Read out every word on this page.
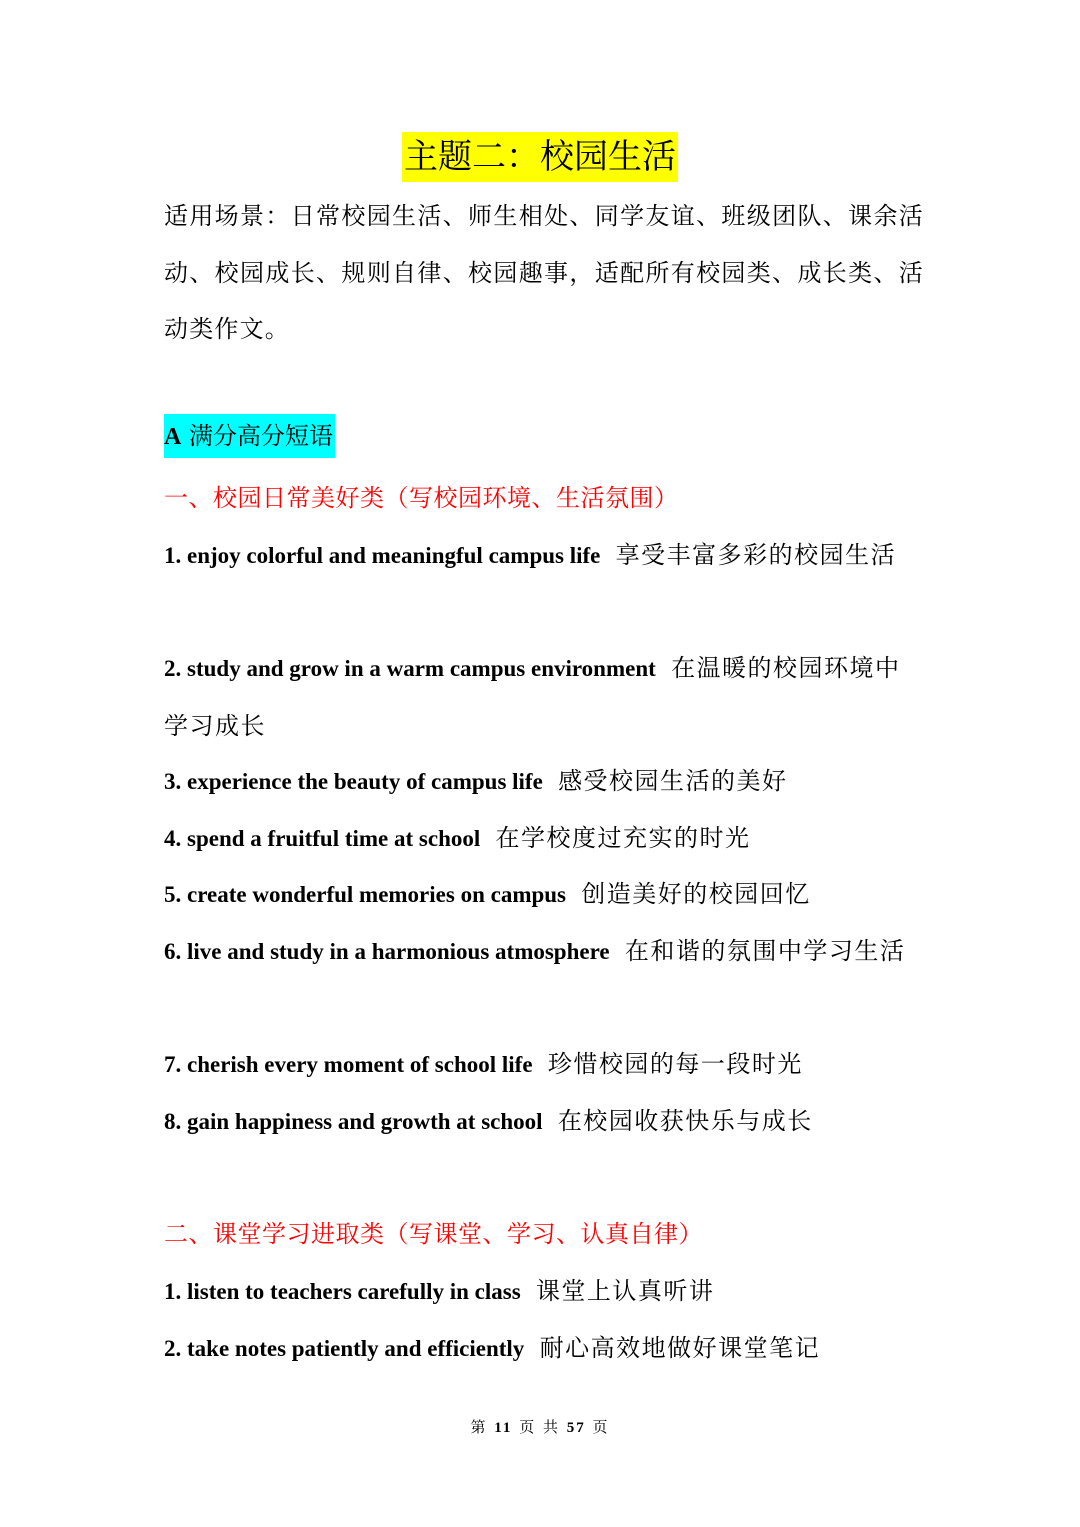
主题二：校园生活
适用场景：日常校园生活、师生相处、同学友谊、班级团队、课余活动、校园成长、规则自律、校园趣事，适配所有校园类、成长类、活动类作文。
A 满分高分短语
一、校园日常美好类（写校园环境、生活氛围）
1. enjoy colorful and meaningful campus life 享受丰富多彩的校园生活
2. study and grow in a warm campus environment 在温暖的校园环境中学习成长
3. experience the beauty of campus life 感受校园生活的美好
4. spend a fruitful time at school 在学校度过充实的时光
5. create wonderful memories on campus 创造美好的校园回忆
6. live and study in a harmonious atmosphere 在和谐的氛围中学习生活
7. cherish every moment of school life 珍惜校园的每一段时光
8. gain happiness and growth at school 在校园收获快乐与成长
二、课堂学习进取类（写课堂、学习、认真自律）
1. listen to teachers carefully in class 课堂上认真听讲
2. take notes patiently and efficiently 耐心高效地做好课堂笔记
第 11 页 共 57 页
